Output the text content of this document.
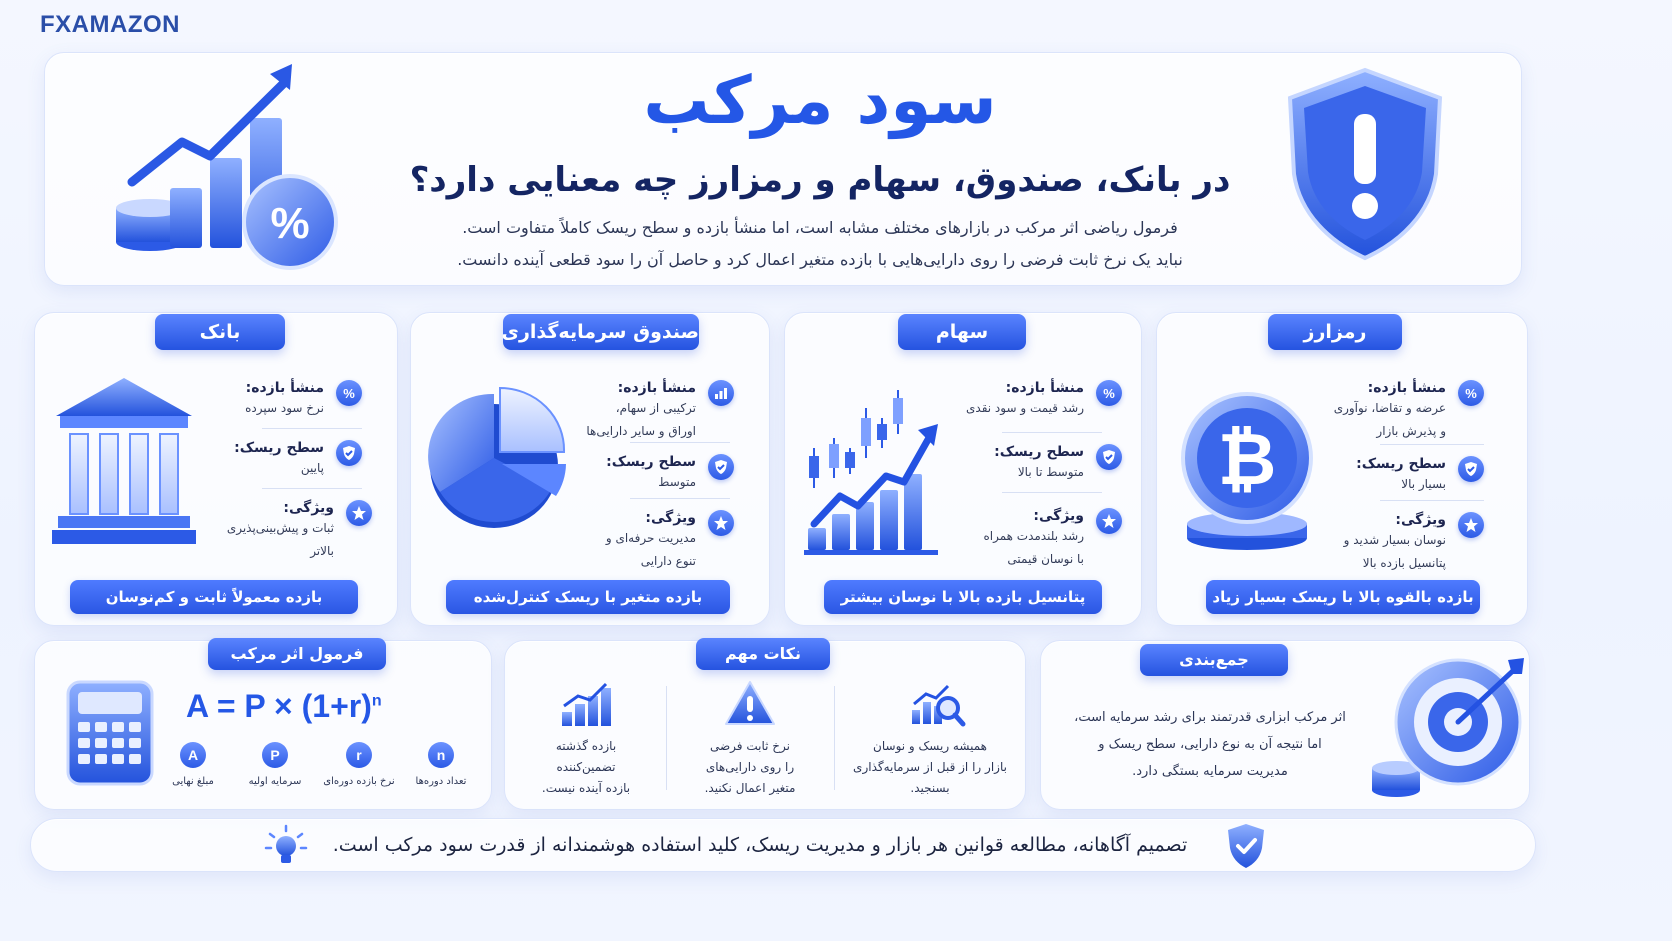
FXAMAZON
%
سود مرکب
در بانک، صندوق، سهام و رمزارز چه معنایی دارد؟
فرمول ریاضی اثر مرکب در بازارهای مختلف مشابه است، اما منشأ بازده و سطح ریسک کاملاً متفاوت است.
نباید یک نرخ ثابت فرضی را روی دارایی‌هایی با بازده متغیر اعمال کرد و حاصل آن را سود قطعی آینده دانست.
بانک
%
منشأ بازده:
نرخ سود سپرده
سطح ریسک:
پایین
ویژگی:
ثبات و پیش‌بینی‌پذیری
بالاتر
بازده معمولاً ثابت و کم‌نوسان
صندوق سرمایه‌گذاری
منشأ بازده:
ترکیبی از سهام،
اوراق و سایر دارایی‌ها
سطح ریسک:
متوسط
ویژگی:
مدیریت حرفه‌ای و
تنوع دارایی
بازده متغیر با ریسک کنترل‌شده
سهام
%
منشأ بازده:
رشد قیمت و سود نقدی
سطح ریسک:
متوسط تا بالا
ویژگی:
رشد بلندمدت همراه
با نوسان قیمتی
پتانسیل بازده بالا با نوسان بیشتر
رمزارز
₿
%
منشأ بازده:
عرضه و تقاضا، نوآوری
و پذیرش بازار
سطح ریسک:
بسیار بالا
ویژگی:
نوسان بسیار شدید و
پتانسیل بازده بالا
بازده بالقوه بالا با ریسک بسیار زیاد
فرمول اثر مرکب
$A = P \times (1+r)^n$
A	P	r	n
مبلغ نهایی	سرمایه اولیه	نرخ بازده دوره‌ای	تعداد دوره‌ها
نکات مهم
بازده گذشته
تضمین‌کننده
بازده آینده نیست.
نرخ ثابت فرضی
را روی دارایی‌های
متغیر اعمال نکنید.
همیشه ریسک و نوسان
بازار را از قبل از سرمایه‌گذاری
بسنجید.
جمع‌بندی
اثر مرکب ابزاری قدرتمند برای رشد سرمایه است،
اما نتیجه آن به نوع دارایی، سطح ریسک و
مدیریت سرمایه بستگی دارد.
تصمیم آگاهانه، مطالعه قوانین هر بازار و مدیریت ریسک، کلید استفاده هوشمندانه از قدرت سود مرکب است.
